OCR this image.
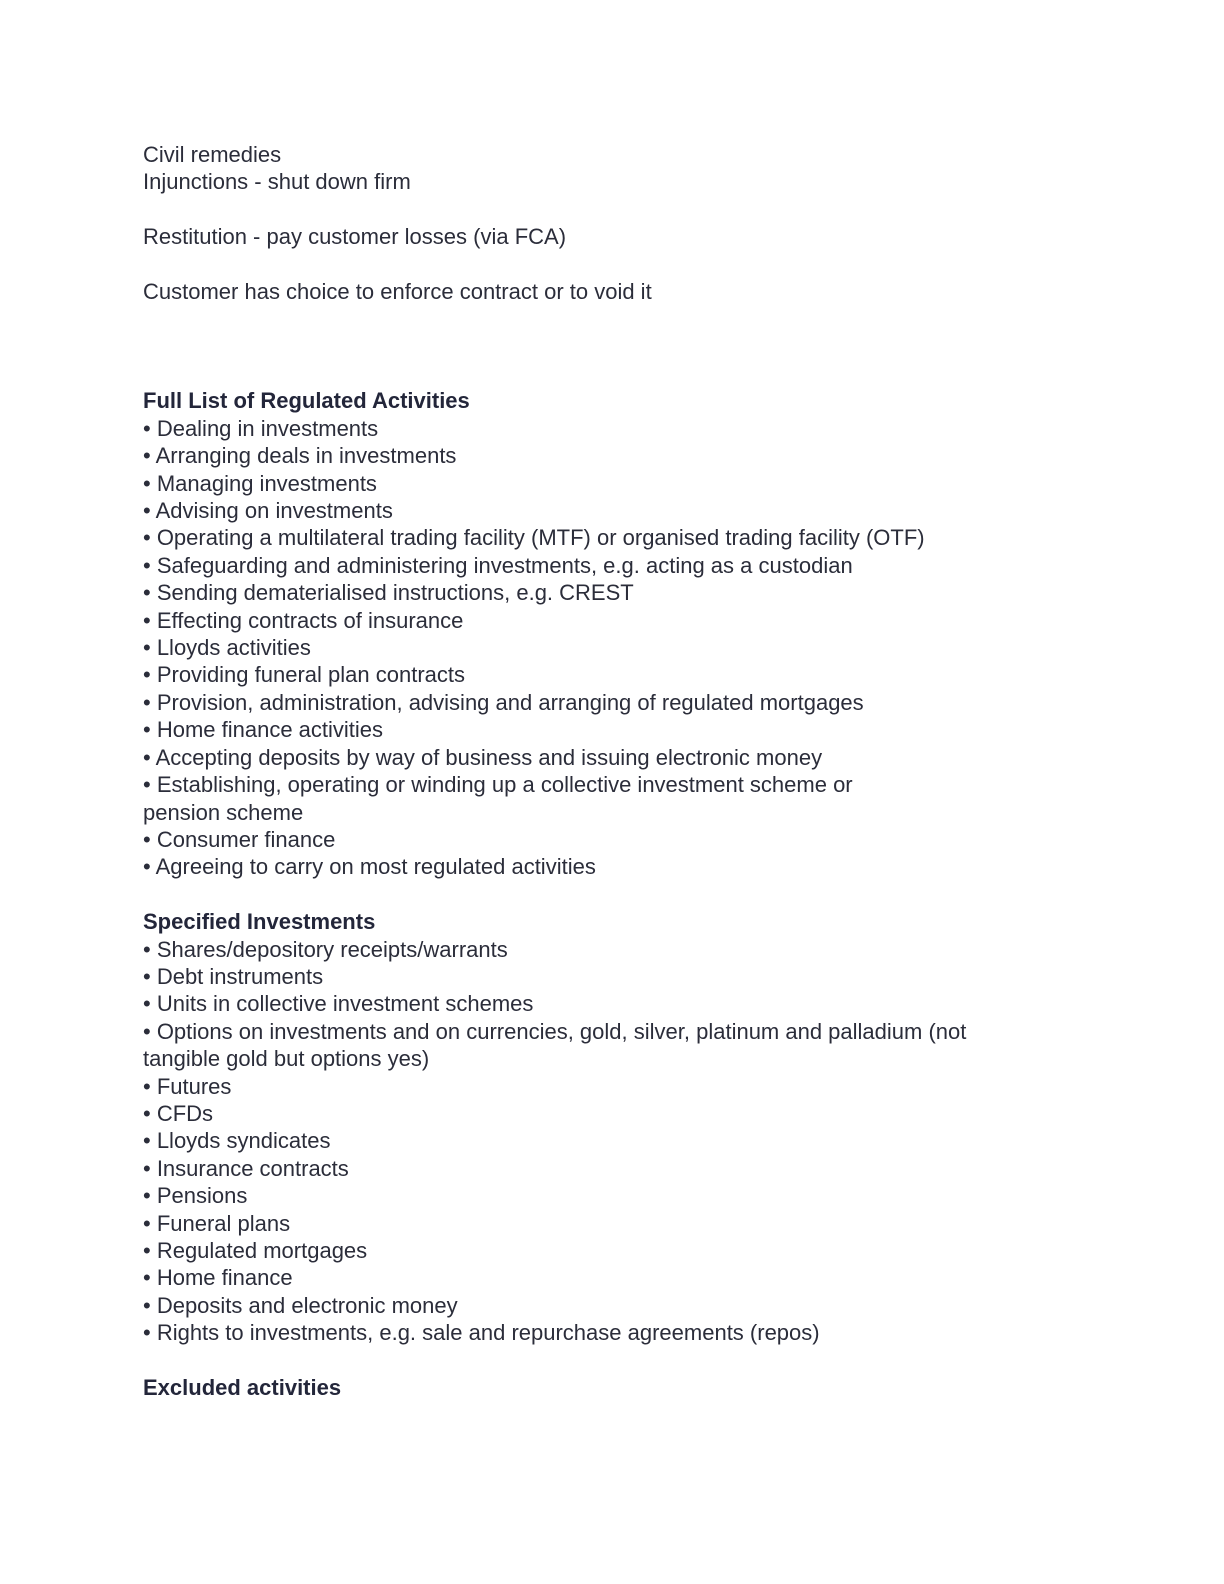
Civil remedies

Injunctions - shut down firm

Restitution - pay customer losses (via FCA)

Customer has choice to enforce contract or to void it

Full List of Regulated Activities

• Dealing in investments
• Arranging deals in investments
• Managing investments
• Advising on investments
• Operating a multilateral trading facility (MTF) or organised trading facility (OTF)
• Safeguarding and administering investments, e.g. acting as a custodian
• Sending dematerialised instructions, e.g. CREST
• Effecting contracts of insurance
• Lloyds activities
• Providing funeral plan contracts
• Provision, administration, advising and arranging of regulated mortgages
• Home finance activities
• Accepting deposits by way of business and issuing electronic money
• Establishing, operating or winding up a collective investment scheme or
pension scheme
• Consumer finance
• Agreeing to carry on most regulated activities

Specified Investments

• Shares/depository receipts/warrants
• Debt instruments
• Units in collective investment schemes
• Options on investments and on currencies, gold, silver, platinum and palladium (not
tangible gold but options yes)
• Futures
• CFDs
• Lloyds syndicates
• Insurance contracts
• Pensions
• Funeral plans
• Regulated mortgages
• Home finance
• Deposits and electronic money
• Rights to investments, e.g. sale and repurchase agreements (repos)

Excluded activities
